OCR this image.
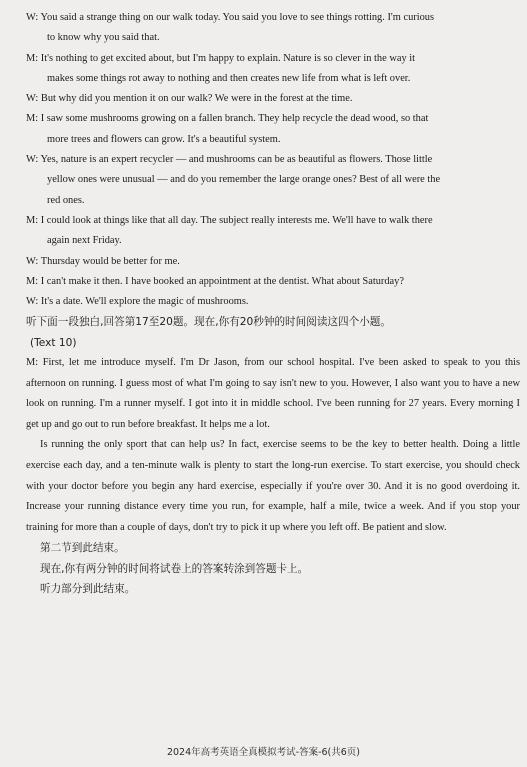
W: You said a strange thing on our walk today. You said you love to see things rotting. I'm curious
to know why you said that.

M: It's nothing to get excited about, but I'm happy to explain. Nature is so clever in the way it
makes some things rot away to nothing and then creates new life from what is left over.

W: But why did you mention it on our walk? We were in the forest at the time.

M: I saw some mushrooms growing on a fallen branch. They help recycle the dead wood, so that
more trees and flowers can grow. It's a beautiful system.

W: Yes, nature is an expert recycler — and mushrooms can be as beautiful as flowers. Those little
yellow ones were unusual — and do you remember the large orange ones? Best of all were the
red ones.

M: I could look at things like that all day. The subject really interests me. We'll have to walk there
again next Friday.

W: Thursday would be better for me.

M: I can't make it then. I have booked an appointment at the dentist. What about Saturday?

W: It's a date. We'll explore the magic of mushrooms.

听下面一段独白,回答第17至20题。现在,你有20秒钟的时间阅读这四个小题。

(Text 10)

M: First, let me introduce myself. I'm Dr Jason, from our school hospital. I've been asked to speak to you this afternoon on running. I guess most of what I'm going to say isn't new to you. However, I also want you to have a new look on running. I'm a runner myself. I got into it in middle school. I've been running for 27 years. Every morning I get up and go out to run before breakfast. It helps me a lot.

Is running the only sport that can help us? In fact, exercise seems to be the key to better health. Doing a little exercise each day, and a ten-minute walk is plenty to start the long-run exercise. To start exercise, you should check with your doctor before you begin any hard exercise, especially if you're over 30. And it is no good overdoing it. Increase your running distance every time you run, for example, half a mile, twice a week. And if you stop your training for more than a couple of days, don't try to pick it up where you left off. Be patient and slow.

第二节到此结束。

现在,你有两分钟的时间将试卷上的答案转涂到答题卡上。

听力部分到此结束。

2024年高考英语全真模拟考试-答案-6(共6页)
